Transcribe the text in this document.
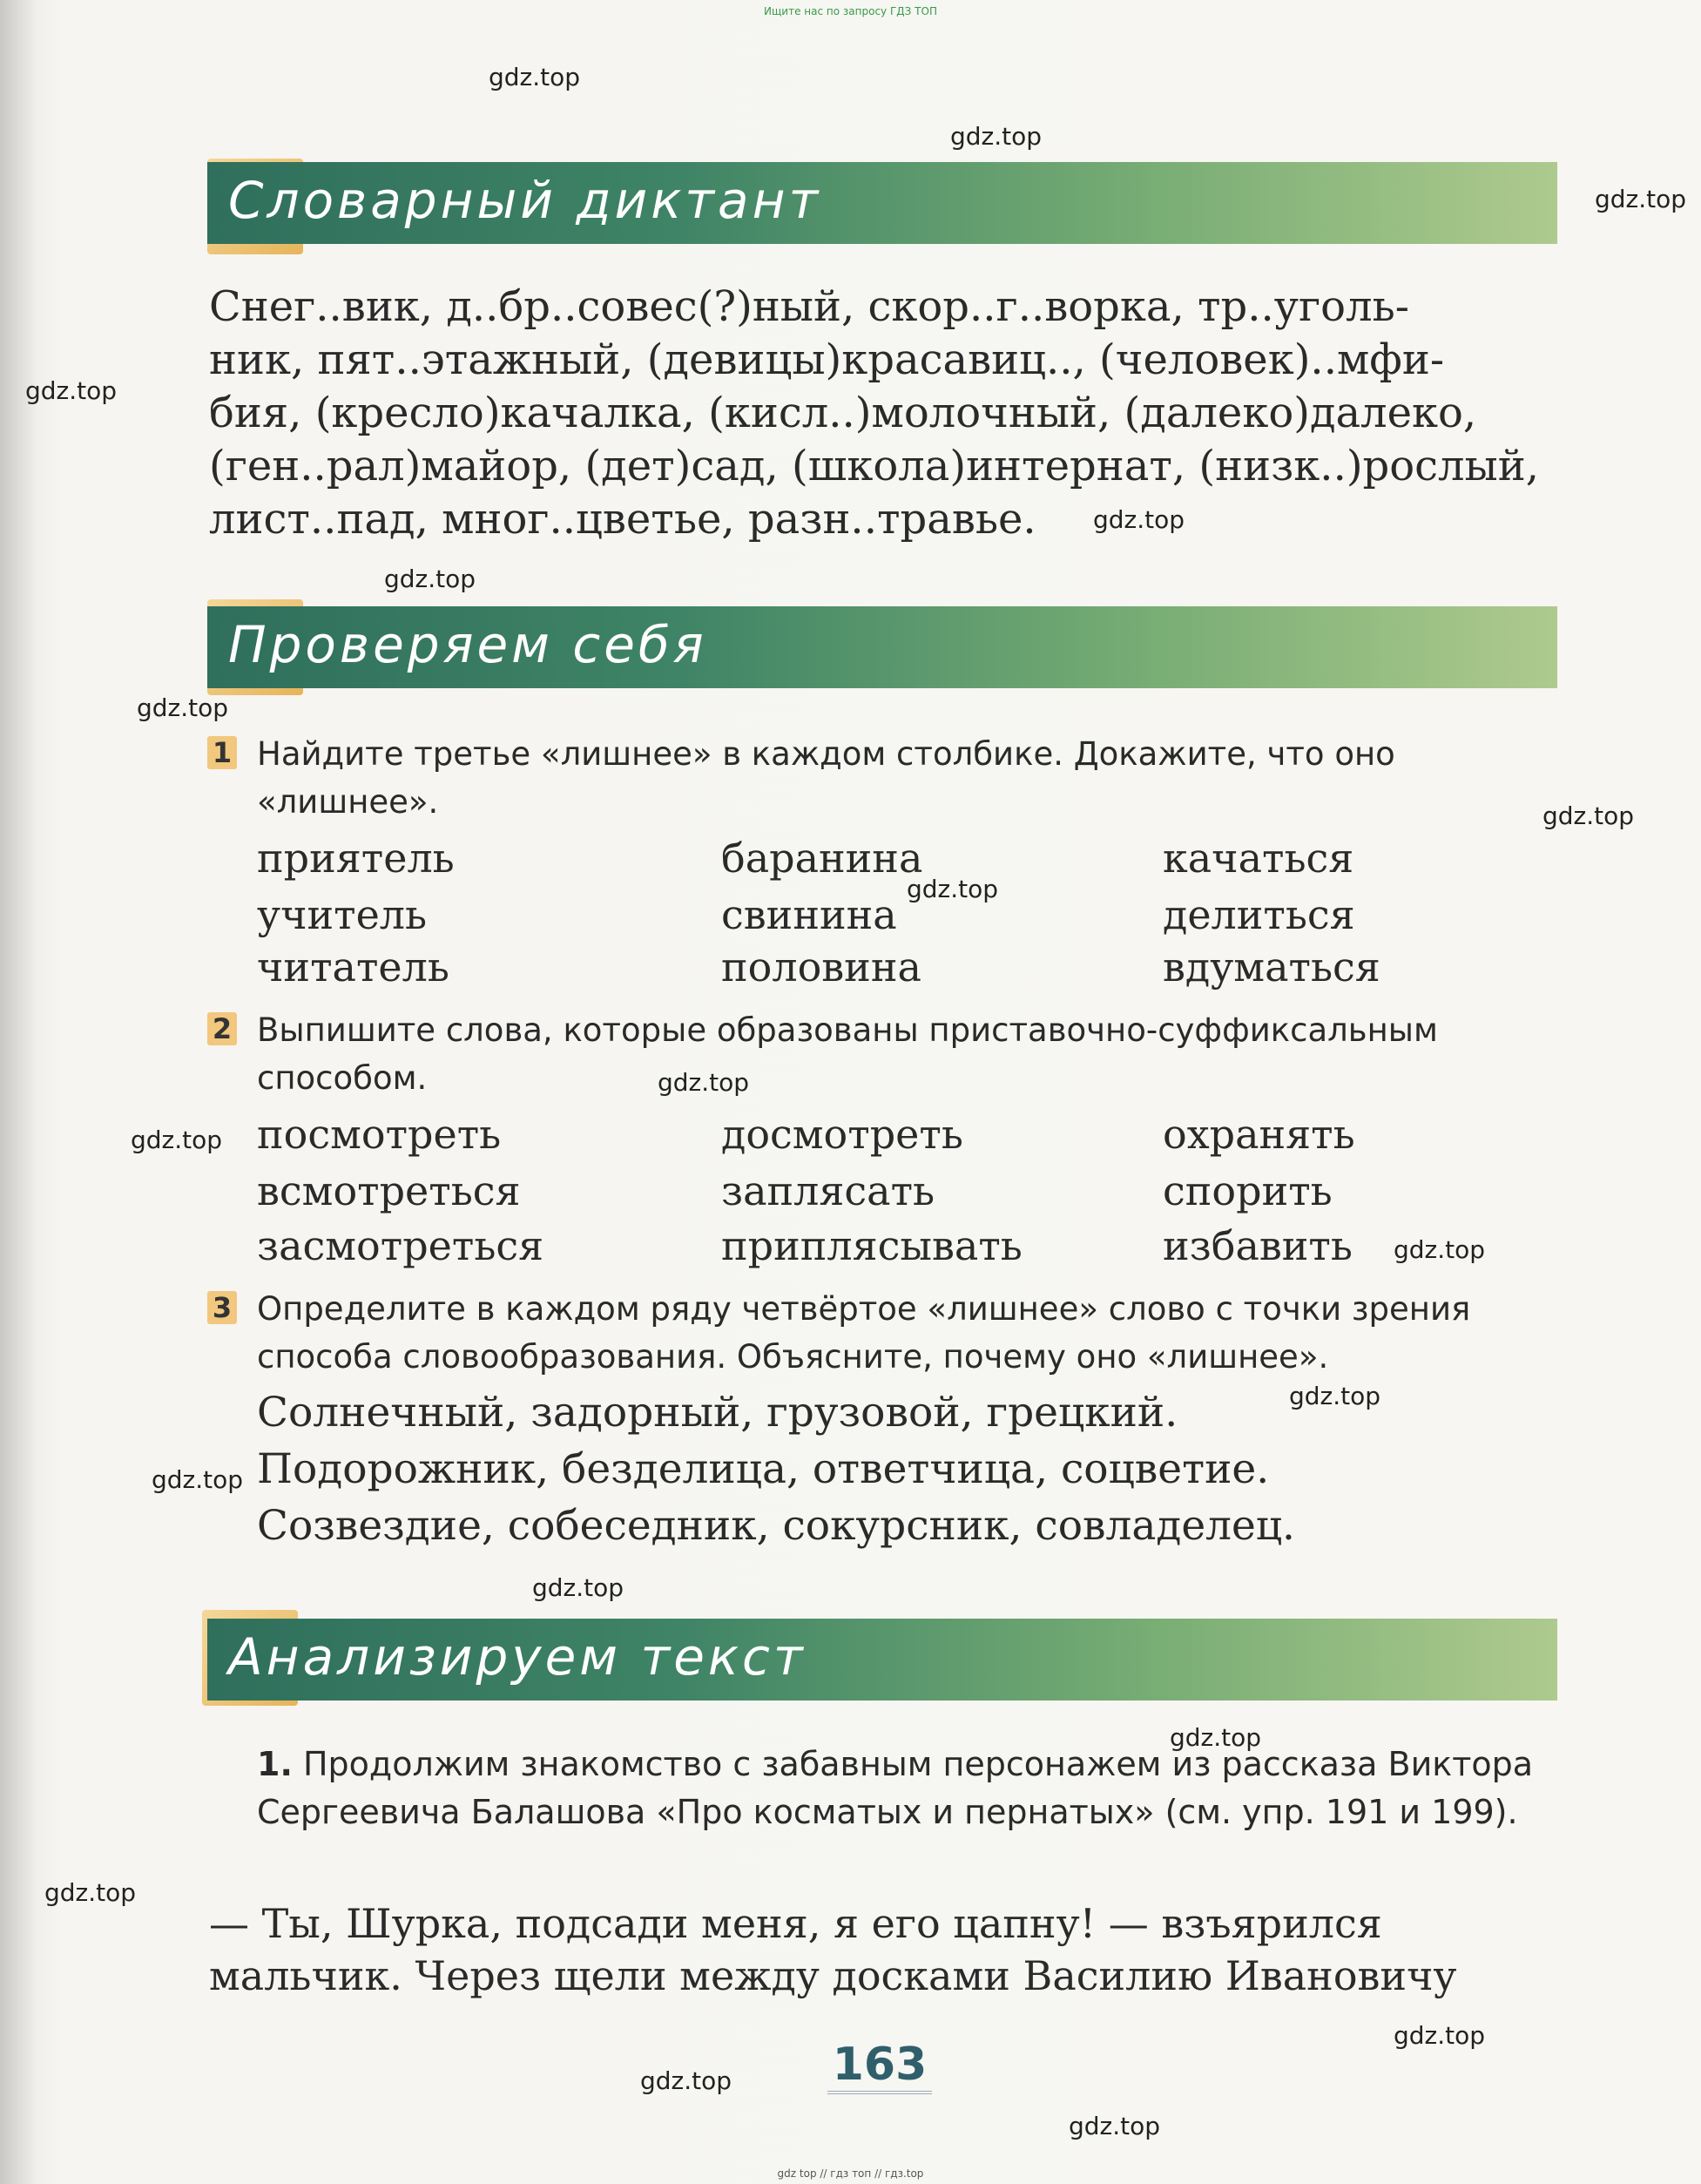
Ищите нас по запросу ГДЗ ТОП
Словарный диктант
Снег..вик, д..бр..совес(?)ный, скор..г..ворка, тр..уголь-
ник, пят..этажный, (девицы)красавиц.., (человек)..мфи-
бия, (кресло)качалка, (кисл..)молочный, (далеко)далеко,
(ген..рал)майор, (дет)сад, (школа)интернат, (низк..)рослый,
лист..пад, мног..цветье, разн..травье.
Проверяем себя
1 Найдите третье «лишнее» в каждом столбике. Докажите, что оно «лишнее».
приятель
учитель
читатель
баранина
свинина
половина
качаться
делиться
вдуматься
2 Выпишите слова, которые образованы приставочно-суффиксальным способом.
посмотреть
всмотреться
засмотреться
досмотреть
заплясать
приплясывать
охранять
спорить
избавить
3 Определите в каждом ряду четвёртое «лишнее» слово с точки зрения способа словообразования. Объясните, почему оно «лишнее».
Солнечный, задорный, грузовой, грецкий.
Подорожник, безделица, ответчица, соцветие.
Созвездие, собеседник, сокурсник, совладелец.
Анализируем текст
1. Продолжим знакомство с забавным персонажем из рассказа Виктора Сергеевича Балашова «Про косматых и пернатых» (см. упр. 191 и 199).
— Ты, Шурка, подсади меня, я его цапну! — взъярился
мальчик. Через щели между досками Василию Ивановичу
163
gdz.top
gdz.top
gdz.top
gdz.top
gdz.top
gdz.top
gdz.top
gdz.top
gdz.top
gdz.top
gdz.top
gdz.top
gdz.top
gdz.top
gdz.top
gdz.top
gdz.top
gdz.top
gdz.top
gdz.top
gdz top // гдз топ // гдз.top
